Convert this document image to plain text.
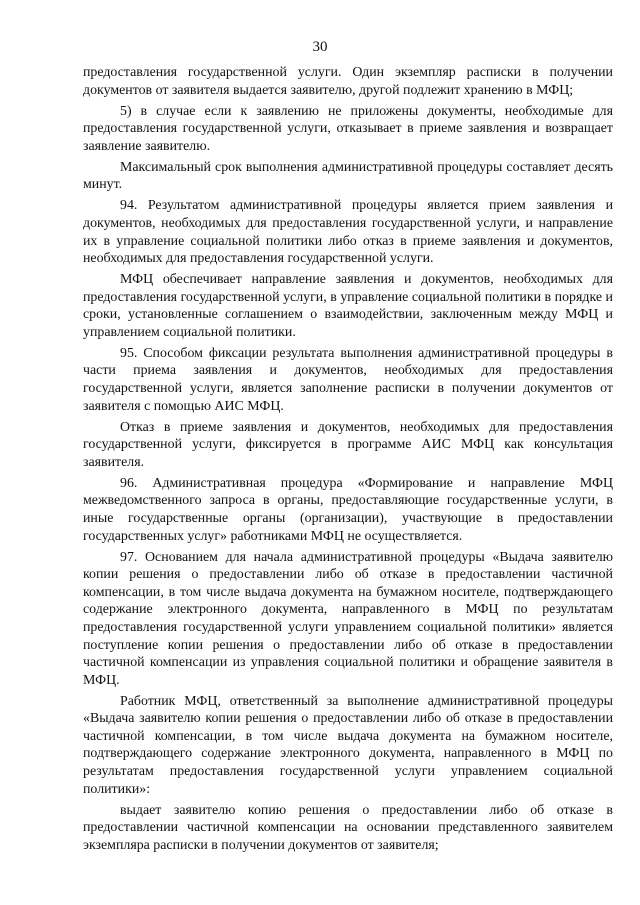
30

предоставления государственной услуги. Один экземпляр расписки в получении документов от заявителя выдается заявителю, другой подлежит хранению в МФЦ;

5) в случае если к заявлению не приложены документы, необходимые для предоставления государственной услуги, отказывает в приеме заявления и возвращает заявление заявителю.

Максимальный срок выполнения административной процедуры составляет десять минут.

94. Результатом административной процедуры является прием заявления и документов, необходимых для предоставления государственной услуги, и направление их в управление социальной политики либо отказ в приеме заявления и документов, необходимых для предоставления государственной услуги.

МФЦ обеспечивает направление заявления и документов, необходимых для предоставления государственной услуги, в управление социальной политики в порядке и сроки, установленные соглашением о взаимодействии, заключенным между МФЦ и управлением социальной политики.

95. Способом фиксации результата выполнения административной процедуры в части приема заявления и документов, необходимых для предоставления государственной услуги, является заполнение расписки в получении документов от заявителя с помощью АИС МФЦ.

Отказ в приеме заявления и документов, необходимых для предоставления государственной услуги, фиксируется в программе АИС МФЦ как консультация заявителя.

96. Административная процедура «Формирование и направление МФЦ межведомственного запроса в органы, предоставляющие государственные услуги, в иные государственные органы (организации), участвующие в предоставлении государственных услуг» работниками МФЦ не осуществляется.

97. Основанием для начала административной процедуры «Выдача заявителю копии решения о предоставлении либо об отказе в предоставлении частичной компенсации, в том числе выдача документа на бумажном носителе, подтверждающего содержание электронного документа, направленного в МФЦ по результатам предоставления государственной услуги управлением социальной политики» является поступление копии решения о предоставлении либо об отказе в предоставлении частичной компенсации из управления социальной политики и обращение заявителя в МФЦ.

Работник МФЦ, ответственный за выполнение административной процедуры «Выдача заявителю копии решения о предоставлении либо об отказе в предоставлении частичной компенсации, в том числе выдача документа на бумажном носителе, подтверждающего содержание электронного документа, направленного в МФЦ по результатам предоставления государственной услуги управлением социальной политики»:

выдает заявителю копию решения о предоставлении либо об отказе в предоставлении частичной компенсации на основании представленного заявителем экземпляра расписки в получении документов от заявителя;
